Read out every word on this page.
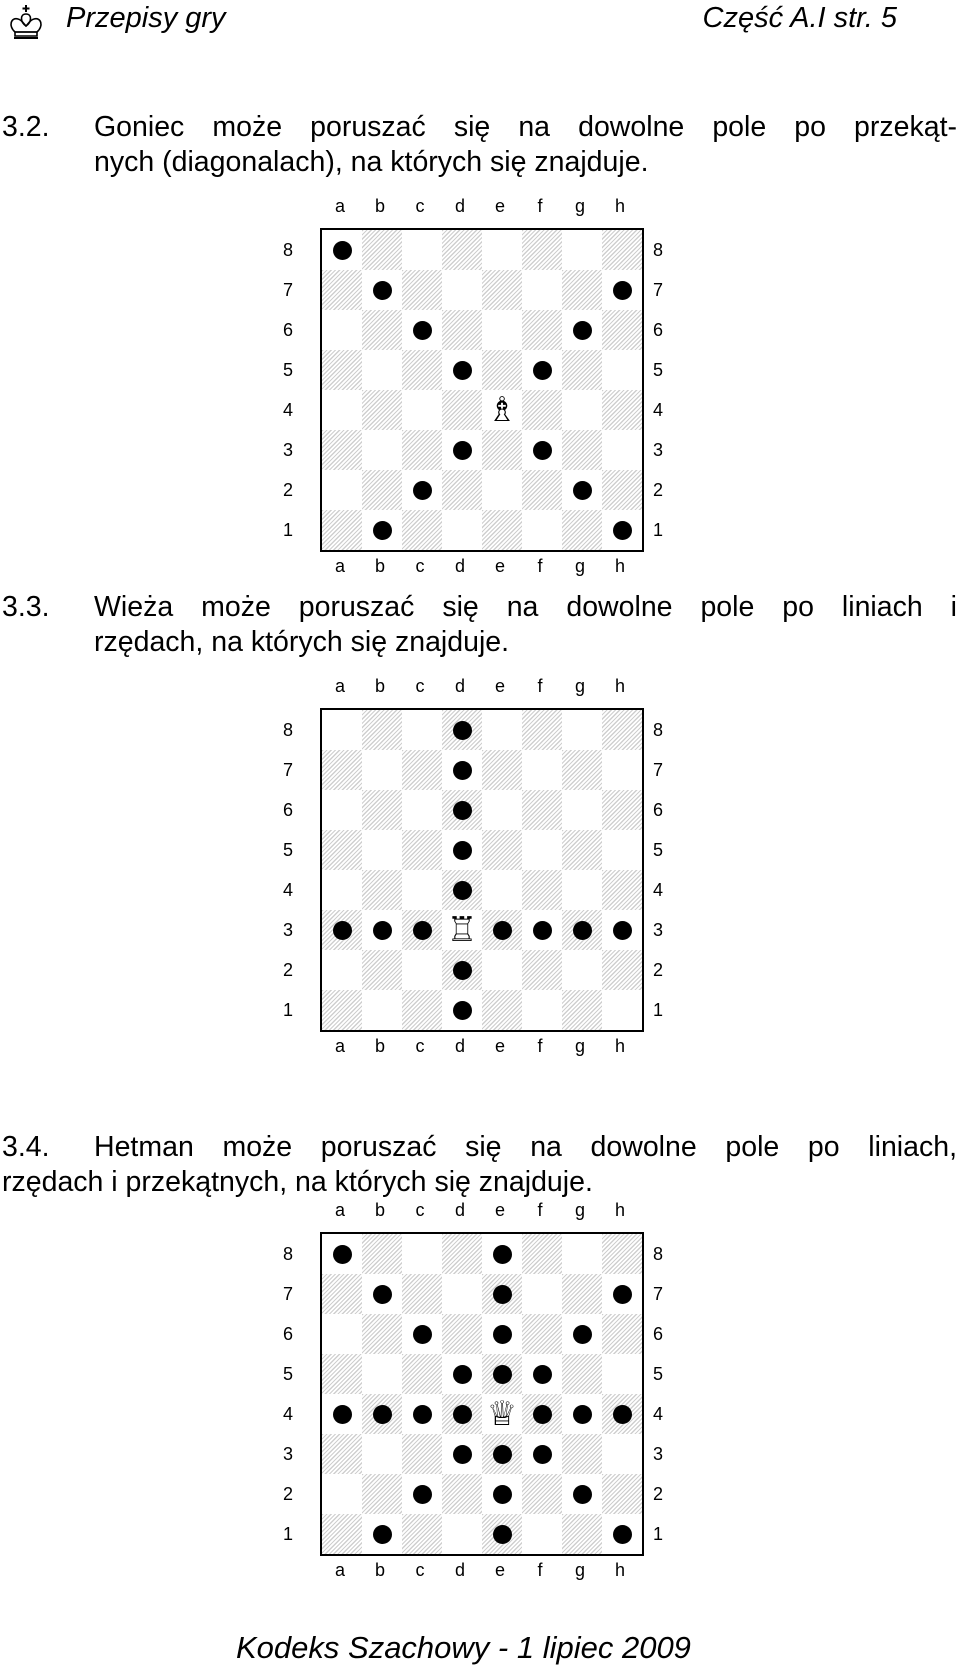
Przepisy gry	Część A.I str. 5
3.2. Goniec może poruszać się na dowolne pole po przekąt-
nych (diagonalach), na których się znajduje.
a	b	c	d	e	f	g	h
8
7
6
5
4
3
2
1
♗
8
7
6
5
4
3
2
1
a	b	c	d	e	f	g	h
3.3. Wieża może poruszać się na dowolne pole po liniach i
rzędach, na których się znajduje.
a	b	c	d	e	f	g	h
8
7
6
5
4
3
2
1
♖
8
7
6
5
4
3
2
1
a	b	c	d	e	f	g	h
3.4. Hetman może poruszać się na dowolne pole po liniach,
rzędach i przekątnych, na których się znajduje.
a	b	c	d	e	f	g	h
8
7
6
5
4
3
2
1
♕
8
7
6
5
4
3
2
1
a	b	c	d	e	f	g	h
Kodeks Szachowy - 1 lipiec 2009
